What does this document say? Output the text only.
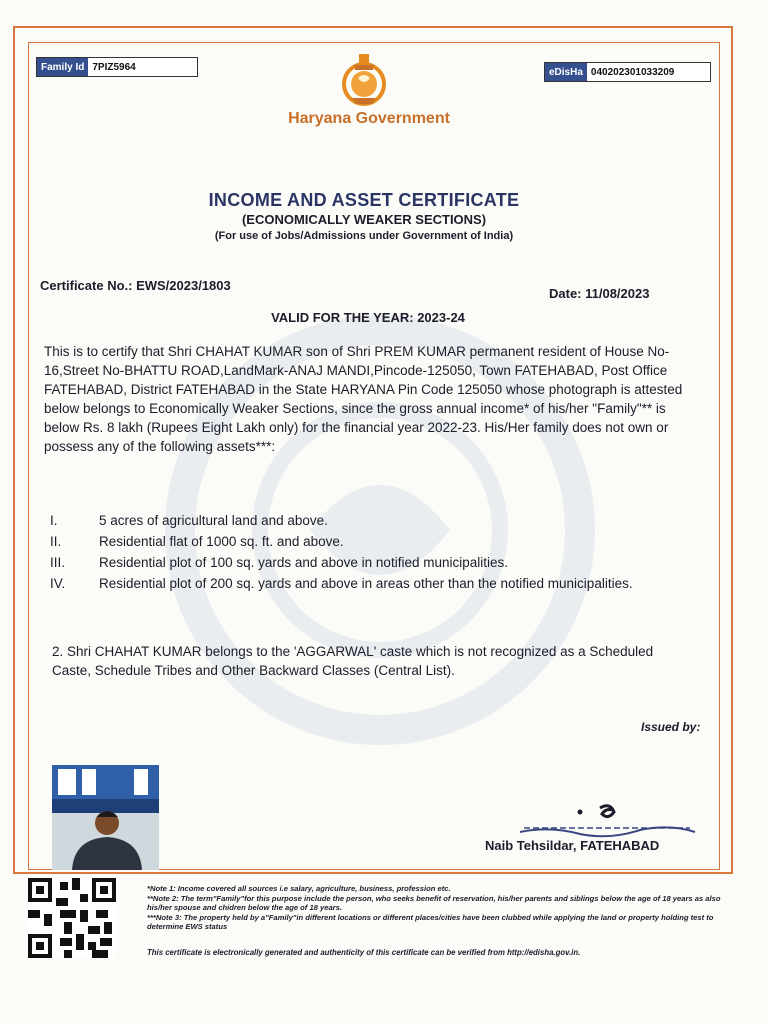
Family Id 7PIZ5964	eDisHa 040202301033209
Haryana Government
INCOME AND ASSET CERTIFICATE
(ECONOMICALLY WEAKER SECTIONS)
(For use of Jobs/Admissions under Government of India)
Certificate No.: EWS/2023/1803
Date: 11/08/2023
VALID FOR THE YEAR: 2023-24
This is to certify that Shri CHAHAT KUMAR son of Shri PREM KUMAR permanent resident of House No-16,Street No-BHATTU ROAD,LandMark-ANAJ MANDI,Pincode-125050, Town FATEHABAD, Post Office FATEHABAD, District FATEHABAD in the State HARYANA Pin Code 125050 whose photograph is attested below belongs to Economically Weaker Sections, since the gross annual income* of his/her "Family"** is below Rs. 8 lakh (Rupees Eight Lakh only) for the financial year 2022-23. His/Her family does not own or possess any of the following assets***:
I.	5 acres of agricultural land and above.
II.	Residential flat of 1000 sq. ft. and above.
III.	Residential plot of 100 sq. yards and above in notified municipalities.
IV.	Residential plot of 200 sq. yards and above in areas other than the notified municipalities.
2. Shri CHAHAT KUMAR belongs to the 'AGGARWAL' caste which is not recognized as a Scheduled Caste, Schedule Tribes and Other Backward Classes (Central List).
Issued by:
Naib Tehsildar, FATEHABAD

*Note 1: Income covered all sources i.e salary, agriculture, business, profession etc.

**Note 2: The term"Family"for this purpose include the person, who seeks benefit of reservation, his/her parents and siblings below the age of 18 years as also his/her spouse and chidren below the age of 18 years.

***Note 3: The property held by a"Family"in different locations or different places/cities have been clubbed while applying the land or property holding test to determine EWS status

This certificate is electronically generated and authenticity of this certificate can be verified from http://edisha.gov.in.
